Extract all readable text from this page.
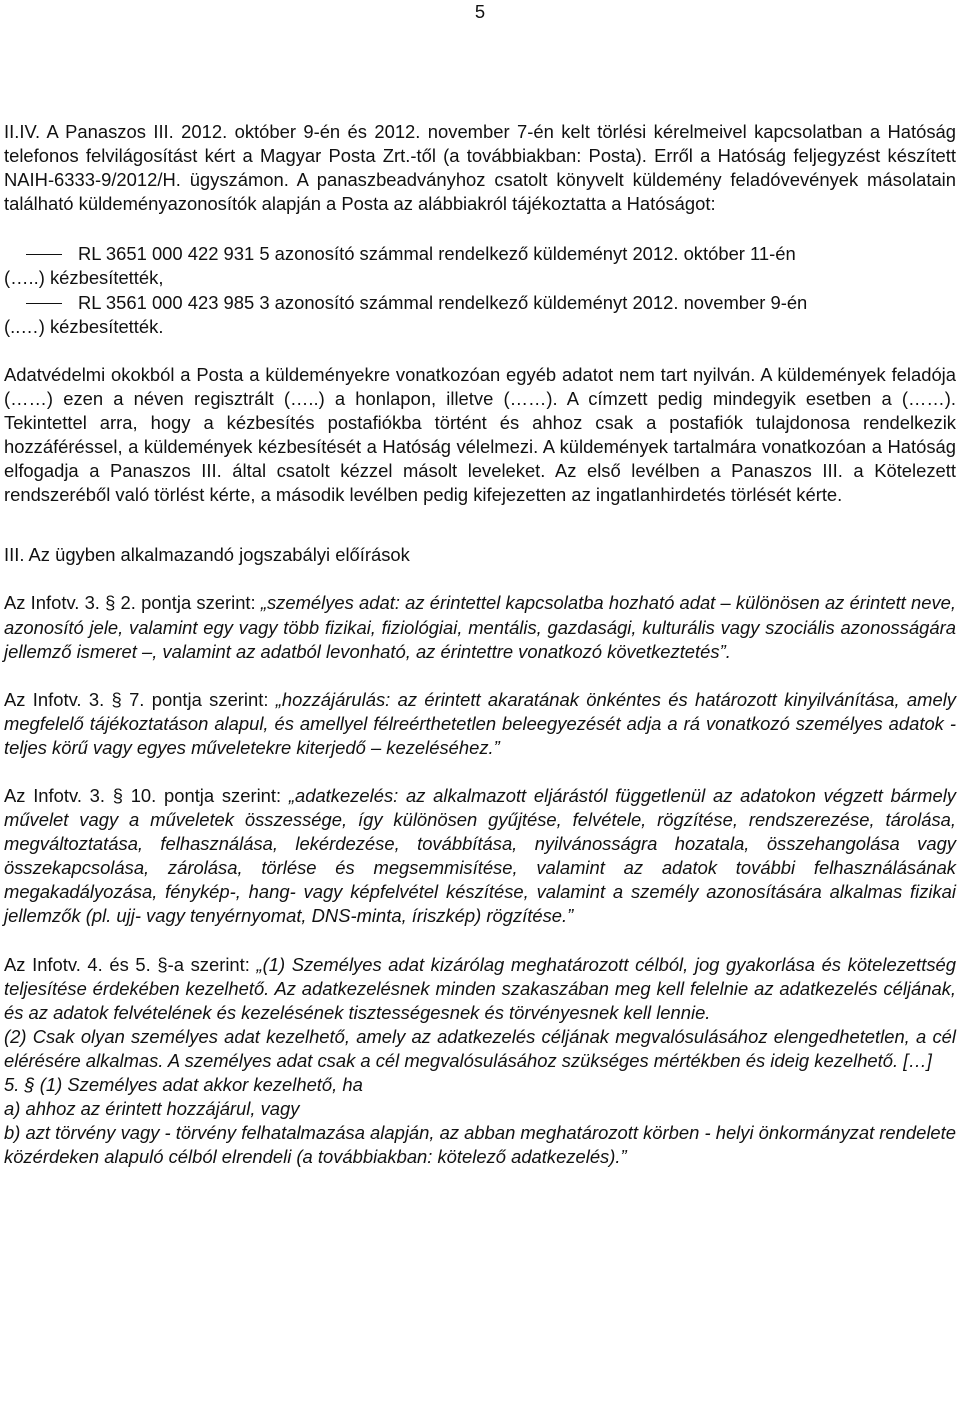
5

II.IV. A Panaszos III. 2012. október 9-én és 2012. november 7-én kelt törlési kérelmeivel kapcsolatban a Hatóság telefonos felvilágosítást kért a Magyar Posta Zrt.-től (a továbbiakban: Posta). Erről a Hatóság feljegyzést készített NAIH-6333-9/2012/H. ügyszámon. A panaszbeadványhoz csatolt könyvelt küldemény feladóvevények másolatain található küldeményazonosítók alapján a Posta az alábbiakról tájékoztatta a Hatóságot:

RL 3651 000 422 931 5 azonosító számmal rendelkező küldeményt 2012. október 11-én
(…..) kézbesítették,

RL 3561 000 423 985 3 azonosító számmal rendelkező küldeményt 2012. november 9-én
(..…) kézbesítették.

Adatvédelmi okokból a Posta a küldeményekre vonatkozóan egyéb adatot nem tart nyilván. A küldemények feladója (……) ezen a néven regisztrált (…..) a honlapon, illetve (……). A címzett pedig mindegyik esetben a (……). Tekintettel arra, hogy a kézbesítés postafiókba történt és ahhoz csak a postafiók tulajdonosa rendelkezik hozzáféréssel, a küldemények kézbesítését a Hatóság vélelmezi. A küldemények tartalmára vonatkozóan a Hatóság elfogadja a Panaszos III. által csatolt kézzel másolt leveleket. Az első levélben a Panaszos III. a Kötelezett rendszeréből való törlést kérte, a második levélben pedig kifejezetten az ingatlanhirdetés törlését kérte.

III. Az ügyben alkalmazandó jogszabályi előírások

Az Infotv. 3. § 2. pontja szerint: „személyes adat: az érintettel kapcsolatba hozható adat – különösen az érintett neve, azonosító jele, valamint egy vagy több fizikai, fiziológiai, mentális, gazdasági, kulturális vagy szociális azonosságára jellemző ismeret –, valamint az adatból levonható, az érintettre vonatkozó következtetés”.

Az Infotv. 3. § 7. pontja szerint: „hozzájárulás: az érintett akaratának önkéntes és határozott kinyilvánítása, amely megfelelő tájékoztatáson alapul, és amellyel félreérthetetlen beleegyezését adja a rá vonatkozó személyes adatok - teljes körű vagy egyes műveletekre kiterjedő – kezeléséhez.”

Az Infotv. 3. § 10. pontja szerint: „adatkezelés: az alkalmazott eljárástól függetlenül az adatokon végzett bármely művelet vagy a műveletek összessége, így különösen gyűjtése, felvétele, rögzítése, rendszerezése, tárolása, megváltoztatása, felhasználása, lekérdezése, továbbítása, nyilvánosságra hozatala, összehangolása vagy összekapcsolása, zárolása, törlése és megsemmisítése, valamint az adatok további felhasználásának megakadályozása, fénykép-, hang- vagy képfelvétel készítése, valamint a személy azonosítására alkalmas fizikai jellemzők (pl. ujj- vagy tenyérnyomat, DNS-minta, íriszkép) rögzítése.”

Az Infotv. 4. és 5. §-a szerint: „(1) Személyes adat kizárólag meghatározott célból, jog gyakorlása és kötelezettség teljesítése érdekében kezelhető. Az adatkezelésnek minden szakaszában meg kell felelnie az adatkezelés céljának, és az adatok felvételének és kezelésének tisztességesnek és törvényesnek kell lennie.

(2) Csak olyan személyes adat kezelhető, amely az adatkezelés céljának megvalósulásához elengedhetetlen, a cél elérésére alkalmas. A személyes adat csak a cél megvalósulásához szükséges mértékben és ideig kezelhető. […]

5. § (1) Személyes adat akkor kezelhető, ha

a) ahhoz az érintett hozzájárul, vagy

b) azt törvény vagy - törvény felhatalmazása alapján, az abban meghatározott körben - helyi önkormányzat rendelete közérdeken alapuló célból elrendeli (a továbbiakban: kötelező adatkezelés).”
